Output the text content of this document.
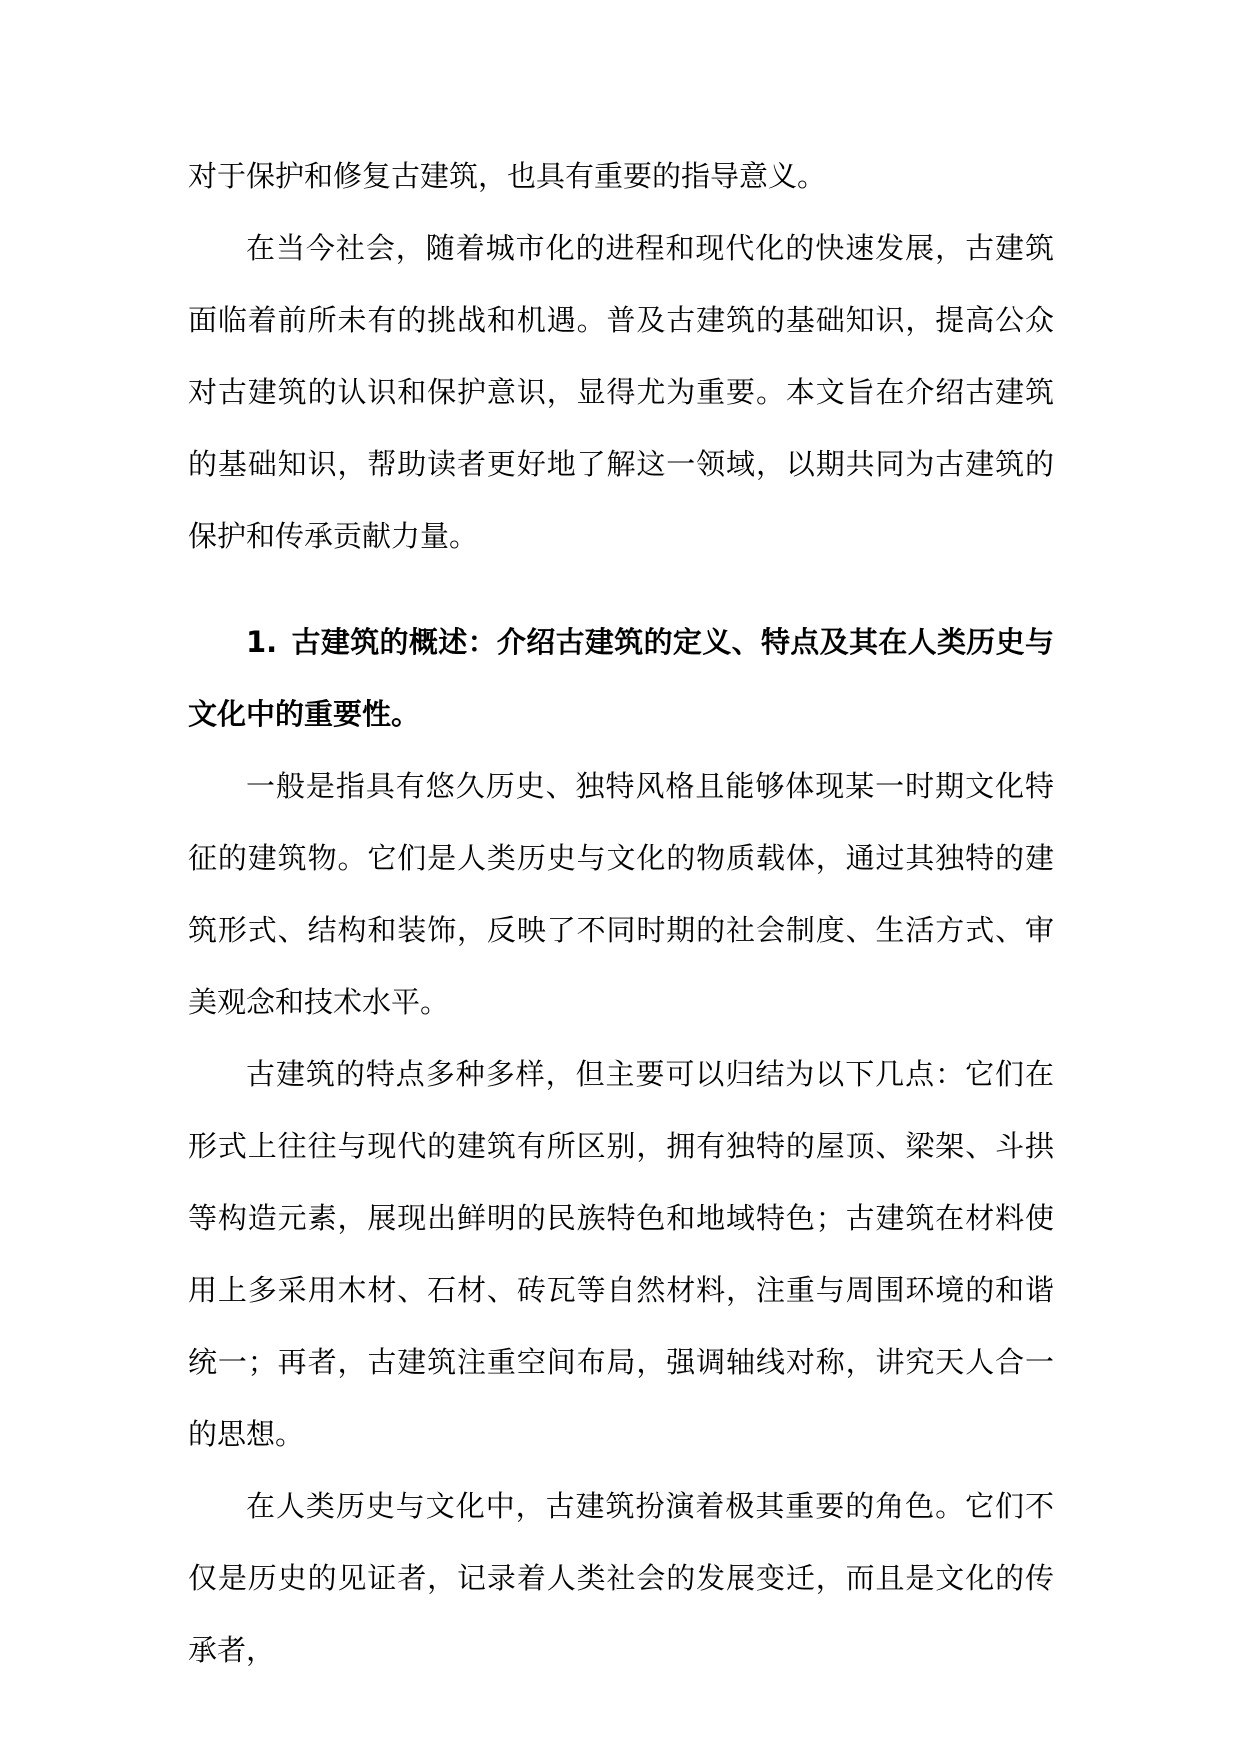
对于保护和修复古建筑，也具有重要的指导意义。

在当今社会，随着城市化的进程和现代化的快速发展，古建筑面临着前所未有的挑战和机遇。普及古建筑的基础知识，提高公众对古建筑的认识和保护意识，显得尤为重要。本文旨在介绍古建筑的基础知识，帮助读者更好地了解这一领域，以期共同为古建筑的保护和传承贡献力量。

1. 古建筑的概述：介绍古建筑的定义、特点及其在人类历史与文化中的重要性。

一般是指具有悠久历史、独特风格且能够体现某一时期文化特征的建筑物。它们是人类历史与文化的物质载体，通过其独特的建筑形式、结构和装饰，反映了不同时期的社会制度、生活方式、审美观念和技术水平。

古建筑的特点多种多样，但主要可以归结为以下几点：它们在形式上往往与现代的建筑有所区别，拥有独特的屋顶、梁架、斗拱等构造元素，展现出鲜明的民族特色和地域特色；古建筑在材料使用上多采用木材、石材、砖瓦等自然材料，注重与周围环境的和谐统一；再者，古建筑注重空间布局，强调轴线对称，讲究天人合一的思想。

在人类历史与文化中，古建筑扮演着极其重要的角色。它们不仅是历史的见证者，记录着人类社会的发展变迁，而且是文化的传承者，
